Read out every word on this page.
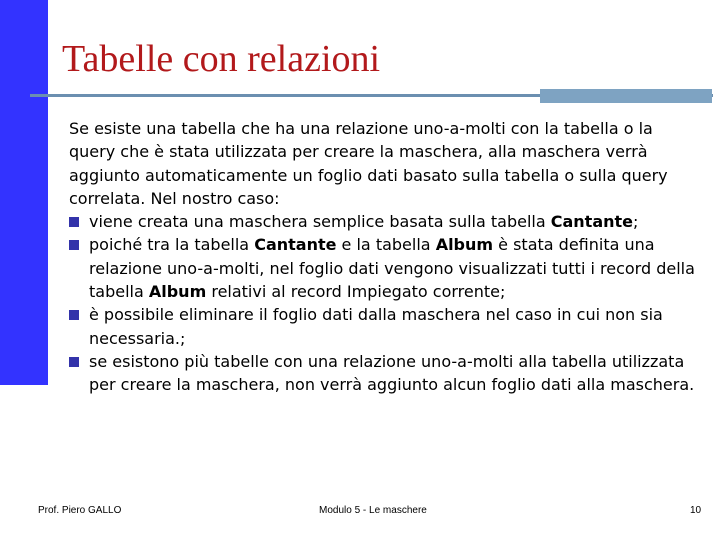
Tabelle con relazioni

Se esiste una tabella che ha una relazione uno-a-molti con la tabella o la query che è stata utilizzata per creare la maschera, alla maschera verrà aggiunto automaticamente un foglio dati basato sulla tabella o sulla query correlata. Nel nostro caso:

viene creata una maschera semplice basata sulla tabella Cantante;
poiché tra la tabella Cantante e la tabella Album è stata definita una relazione uno-a-molti, nel foglio dati vengono visualizzati tutti i record della tabella Album relativi al record Impiegato corrente;
è possibile eliminare il foglio dati dalla maschera nel caso in cui non sia necessaria.;
se esistono più tabelle con una relazione uno-a-molti alla tabella utilizzata per creare la maschera, non verrà aggiunto alcun foglio dati alla maschera.
Prof. Piero GALLO	Modulo 5 - Le maschere	10
